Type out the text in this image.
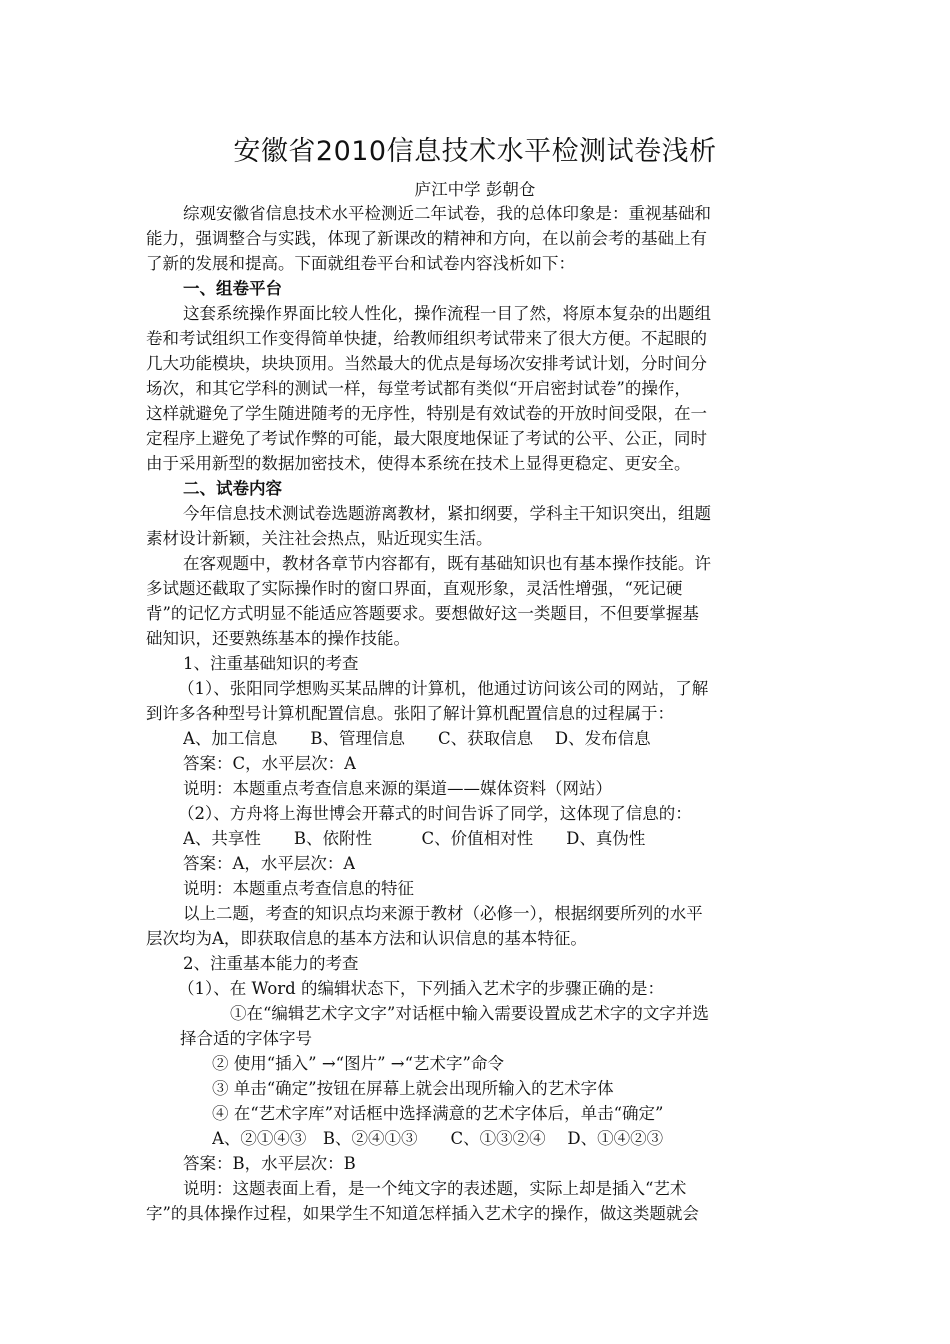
安徽省2010信息技术水平检测试卷浅析
庐江中学 彭朝仓
综观安徽省信息技术水平检测近二年试卷，我的总体印象是：重视基础和
能力，强调整合与实践，体现了新课改的精神和方向，在以前会考的基础上有
了新的发展和提高。下面就组卷平台和试卷内容浅析如下：
一、组卷平台
这套系统操作界面比较人性化，操作流程一目了然，将原本复杂的出题组
卷和考试组织工作变得简单快捷，给教师组织考试带来了很大方便。不起眼的
几大功能模块，块块顶用。当然最大的优点是每场次安排考试计划，分时间分
场次，和其它学科的测试一样，每堂考试都有类似“开启密封试卷”的操作，
这样就避免了学生随进随考的无序性，特别是有效试卷的开放时间受限，在一
定程序上避免了考试作弊的可能，最大限度地保证了考试的公平、公正，同时
由于采用新型的数据加密技术，使得本系统在技术上显得更稳定、更安全。
二、试卷内容
今年信息技术测试卷选题游离教材，紧扣纲要，学科主干知识突出，组题
素材设计新颖，关注社会热点，贴近现实生活。
在客观题中，教材各章节内容都有，既有基础知识也有基本操作技能。许
多试题还截取了实际操作时的窗口界面，直观形象，灵活性增强，“死记硬
背”的记忆方式明显不能适应答题要求。要想做好这一类题目，不但要掌握基
础知识，还要熟练基本的操作技能。
1、注重基础知识的考查
（1）、张阳同学想购买某品牌的计算机，他通过访问该公司的网站，了解
到许多各种型号计算机配置信息。张阳了解计算机配置信息的过程属于：
A、加工信息　　B、管理信息　　C、获取信息　 D、发布信息
答案：C，水平层次：A
说明：本题重点考查信息来源的渠道——媒体资料（网站）
（2）、方舟将上海世博会开幕式的时间告诉了同学，这体现了信息的：
A、共享性　　B、依附性　　　C、价值相对性　　D、真伪性
答案：A，水平层次：A
说明：本题重点考查信息的特征
以上二题，考查的知识点均来源于教材（必修一），根据纲要所列的水平
层次均为A，即获取信息的基本方法和认识信息的基本特征。
2、注重基本能力的考查
（1）、在 Word 的编辑状态下，下列插入艺术字的步骤正确的是：
①在“编辑艺术字文字”对话框中输入需要设置成艺术字的文字并选
择合适的字体字号
② 使用“插入” →“图片” →“艺术字”命令
③ 单击“确定”按钮在屏幕上就会出现所输入的艺术字体
④ 在“艺术字库”对话框中选择满意的艺术字体后，单击“确定”
A、②①④③　B、②④①③　　C、①③②④　 D、①④②③
答案：B，水平层次：B
说明：这题表面上看，是一个纯文字的表述题，实际上却是插入“艺术
字”的具体操作过程，如果学生不知道怎样插入艺术字的操作，做这类题就会
